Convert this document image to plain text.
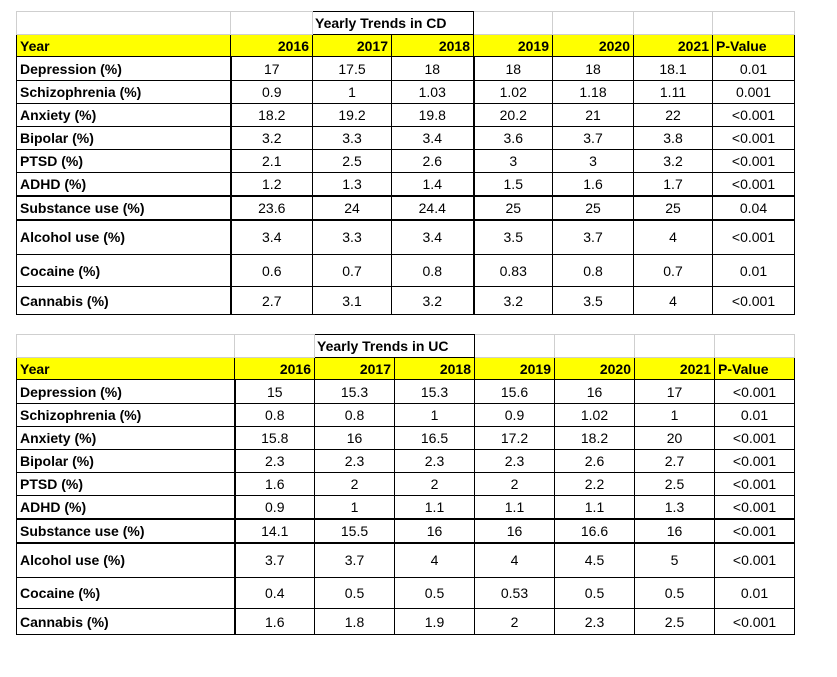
		Yearly Trends in CD					
Year	2016	2017	2018	2019	2020	2021	P-Value
Depression (%)	17	17.5	18	18	18	18.1	0.01
Schizophrenia (%)	0.9	1	1.03	1.02	1.18	1.11	0.001
Anxiety (%)	18.2	19.2	19.8	20.2	21	22	<0.001
Bipolar (%)	3.2	3.3	3.4	3.6	3.7	3.8	<0.001
PTSD (%)	2.1	2.5	2.6	3	3	3.2	<0.001
ADHD (%)	1.2	1.3	1.4	1.5	1.6	1.7	<0.001
Substance use (%)	23.6	24	24.4	25	25	25	0.04
Alcohol use (%)	3.4	3.3	3.4	3.5	3.7	4	<0.001
Cocaine (%)	0.6	0.7	0.8	0.83	0.8	0.7	0.01
Cannabis (%)	2.7	3.1	3.2	3.2	3.5	4	<0.001
		Yearly Trends in UC					
Year	2016	2017	2018	2019	2020	2021	P-Value
Depression (%)	15	15.3	15.3	15.6	16	17	<0.001
Schizophrenia (%)	0.8	0.8	1	0.9	1.02	1	0.01
Anxiety (%)	15.8	16	16.5	17.2	18.2	20	<0.001
Bipolar (%)	2.3	2.3	2.3	2.3	2.6	2.7	<0.001
PTSD (%)	1.6	2	2	2	2.2	2.5	<0.001
ADHD (%)	0.9	1	1.1	1.1	1.1	1.3	<0.001
Substance use (%)	14.1	15.5	16	16	16.6	16	<0.001
Alcohol use (%)	3.7	3.7	4	4	4.5	5	<0.001
Cocaine (%)	0.4	0.5	0.5	0.53	0.5	0.5	0.01
Cannabis (%)	1.6	1.8	1.9	2	2.3	2.5	<0.001
